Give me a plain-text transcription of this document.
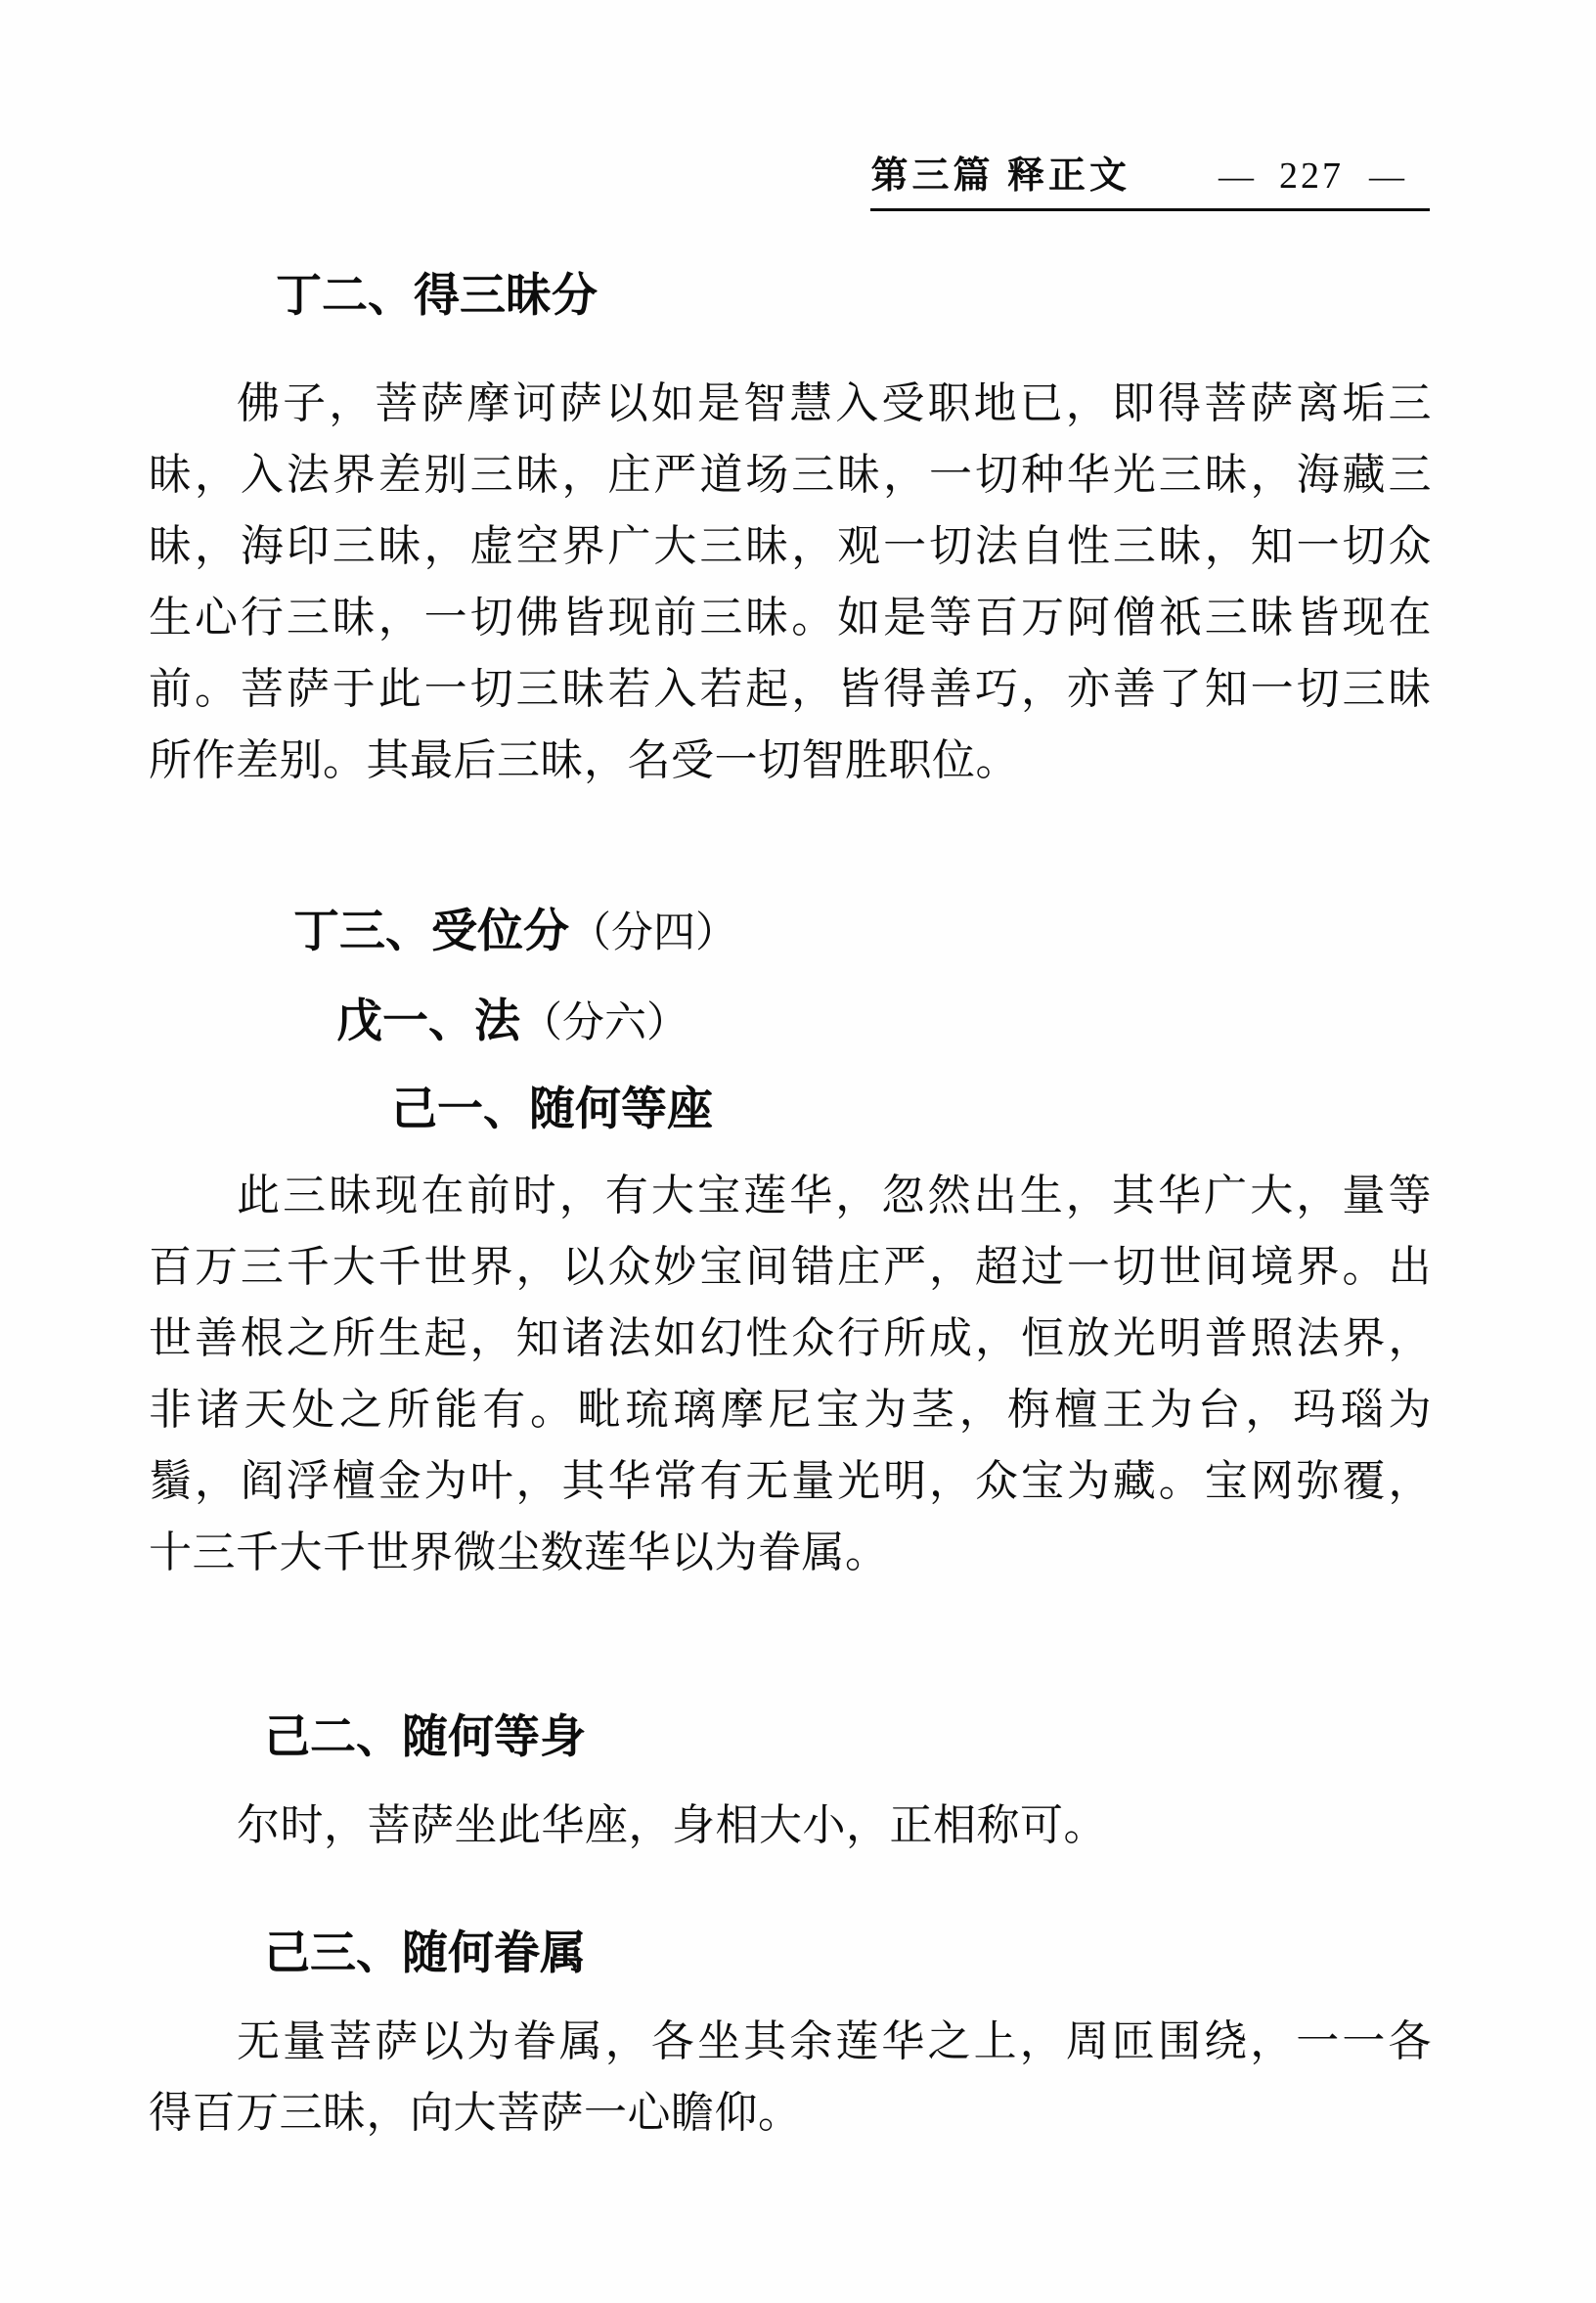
第三篇 释正文	— 227 —
丁二、得三昧分
佛子，菩萨摩诃萨以如是智慧入受职地已，即得菩萨离垢三
昧，入法界差别三昧，庄严道场三昧，一切种华光三昧，海藏三
昧，海印三昧，虚空界广大三昧，观一切法自性三昧，知一切众
生心行三昧，一切佛皆现前三昧。如是等百万阿僧祇三昧皆现在
前。菩萨于此一切三昧若入若起，皆得善巧，亦善了知一切三昧
所作差别。其最后三昧，名受一切智胜职位。
丁三、受位分（分四）
戊一、法（分六）
己一、随何等座
此三昧现在前时，有大宝莲华，忽然出生，其华广大，量等
百万三千大千世界，以众妙宝间错庄严，超过一切世间境界。出
世善根之所生起，知诸法如幻性众行所成，恒放光明普照法界，
非诸天处之所能有。毗琉璃摩尼宝为茎，栴檀王为台，玛瑙为
鬚，阎浮檀金为叶，其华常有无量光明，众宝为藏。宝网弥覆，
十三千大千世界微尘数莲华以为眷属。
己二、随何等身
尔时，菩萨坐此华座，身相大小，正相称可。
己三、随何眷属
无量菩萨以为眷属，各坐其余莲华之上，周匝围绕，一一各
得百万三昧，向大菩萨一心瞻仰。
